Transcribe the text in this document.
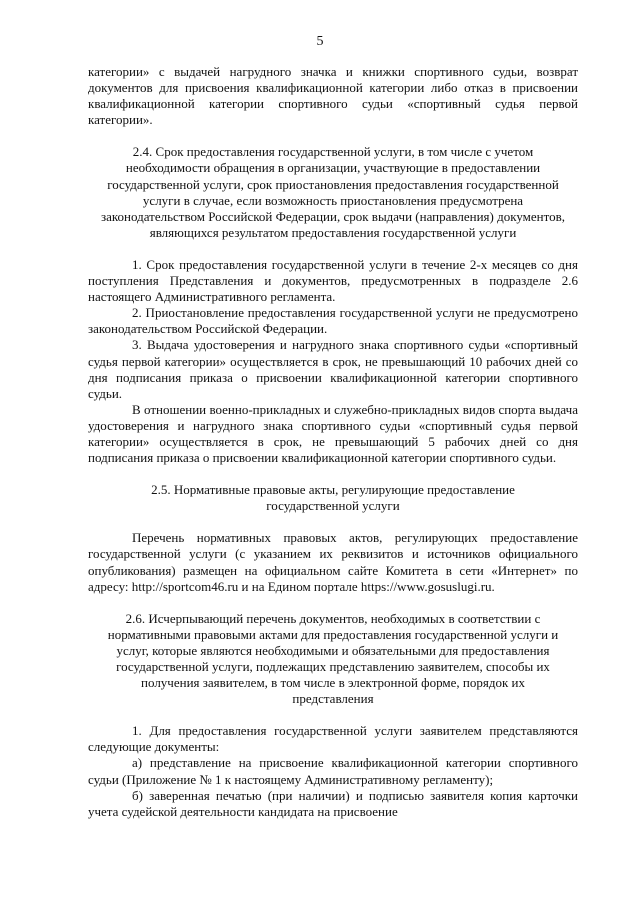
5

категории» с выдачей нагрудного значка и книжки спортивного судьи, возврат документов для присвоения квалификационной категории либо отказ в присвоении квалификационной категории спортивного судьи «спортивный судья первой категории».

2.4. Срок предоставления государственной услуги, в том числе с учетом необходимости обращения в организации, участвующие в предоставлении государственной услуги, срок приостановления предоставления государственной услуги в случае, если возможность приостановления предусмотрена законодательством Российской Федерации, срок выдачи (направления) документов, являющихся результатом предоставления государственной услуги

1. Срок предоставления государственной услуги в течение 2-х месяцев со дня поступления Представления и документов, предусмотренных в подразделе 2.6 настоящего Административного регламента.

2. Приостановление предоставления государственной услуги не предусмотрено законодательством Российской Федерации.

3. Выдача удостоверения и нагрудного знака спортивного судьи «спортивный судья первой категории» осуществляется в срок, не превышающий 10 рабочих дней со дня подписания приказа о присвоении квалификационной категории спортивного судьи.

В отношении военно-прикладных и служебно-прикладных видов спорта выдача удостоверения и нагрудного знака спортивного судьи «спортивный судья первой категории» осуществляется в срок, не превышающий 5 рабочих дней со дня подписания приказа о присвоении квалификационной категории спортивного судьи.

2.5. Нормативные правовые акты, регулирующие предоставление государственной услуги

Перечень нормативных правовых актов, регулирующих предоставление государственной услуги (с указанием их реквизитов и источников официального опубликования) размещен на официальном сайте Комитета в сети «Интернет» по адресу: http://sportcom46.ru и на Едином портале https://www.gosuslugi.ru.

2.6. Исчерпывающий перечень документов, необходимых в соответствии с нормативными правовыми актами для предоставления государственной услуги и услуг, которые являются необходимыми и обязательными для предоставления государственной услуги, подлежащих представлению заявителем, способы их получения заявителем, в том числе в электронной форме, порядок их представления

1. Для предоставления государственной услуги заявителем представляются следующие документы:

а) представление на присвоение квалификационной категории спортивного судьи (Приложение № 1 к настоящему Административному регламенту);

б) заверенная печатью (при наличии) и подписью заявителя копия карточки учета судейской деятельности кандидата на присвоение
